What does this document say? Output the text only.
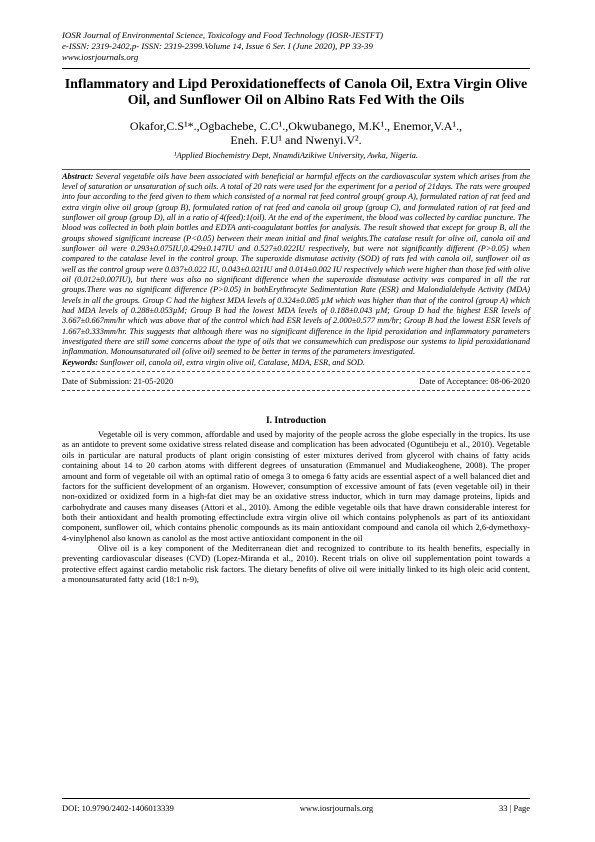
IOSR Journal of Environmental Science, Toxicology and Food Technology (IOSR-JESTFT)
e-ISSN: 2319-2402,p- ISSN: 2319-2399.Volume 14, Issue 6 Ser. I (June 2020), PP 33-39
www.iosrjournals.org
Inflammatory and Lipd Peroxidationeffects of Canola Oil, Extra Virgin Olive Oil, and Sunflower Oil on Albino Rats Fed With the Oils
Okafor,C.S¹*.,Ogbachebe, C.C¹.,Okwubanego, M.K¹., Enemor,V.A¹.,
Eneh. F.U¹ and Nwenyi.V².
¹Applied Biochemistry Dept, NnamdiAzikiwe University, Awka, Nigeria.
Abstract: Several vegetable oils have been associated with beneficial or harmful effects on the cardiovascular system which arises from the level of saturation or unsaturation of such oils. A total of 20 rats were used for the experiment for a period of 21days. The rats were grouped into four according to the feed given to them which consisted of a normal rat feed control group( group A), formulated ration of rat feed and extra virgin olive oil group (group B), formulated ration of rat feed and canola oil group (group C), and formulated ration of rat feed and sunflower oil group (group D), all in a ratio of 4(feed):1(oil). At the end of the experiment, the blood was collected by cardiac puncture. The blood was collected in both plain bottles and EDTA anti-coagulatant bottles for analysis. The result showed that except for group B, all the groups showed significant increase (P<0.05) between their mean initial and final weights.The catalase result for olive oil, canola oil and sunflower oil were 0.293±0.075IU,0.429±0.147IU and 0.527±0.022IU respectively, but were not significantly different (P>0.05) when compared to the catalase level in the control group. The superoxide dismutase activity (SOD) of rats fed with canola oil, sunflower oil as well as the control group were 0.037±0.022 IU, 0.043±0.021IU and 0.014±0.002 IU respectively which were higher than those fed with olive oil (0.012±0.007IU), but there was also no significant difference when the superoxide dismutase activity was compared in all the rat groups.There was no significant difference (P>0.05) in bothErythrocyte Sedimentation Rate (ESR) and Malondialdehyde Activity (MDA) levels in all the groups. Group C had the highest MDA levels of 0.324±0.085 µM which was higher than that of the control (group A) which had MDA levels of 0.288±0.053µM; Group B had the lowest MDA levels of 0.188±0.043 µM; Group D had the highest ESR levels of 3.667±0.667mm/hr which was above that of the control which had ESR levels of 2.000±0.577 mm/hr; Group B had the lowest ESR levels of 1.667±0.333mm/hr. This suggests that although there was no significant difference in the lipid peroxidation and inflammatory parameters investigated there are still some concerns about the type of oils that we consumewhich can predispose our systems to lipid peroxidationand inflammation. Monounsaturated oil (olive oil) seemed to be better in terms of the parameters investigated.
Keywords: Sunflower oil, canola oil, extra virgin olive oil, Catalase, MDA, ESR, and SOD.
Date of Submission: 21-05-2020	Date of Acceptance: 08-06-2020
I. Introduction

Vegetable oil is very common, affordable and used by majority of the people across the globe especially in the tropics. Its use as an antidote to prevent some oxidative stress related disease and complication has been advocated (Oguntibeju et al., 2010). Vegetable oils in particular are natural products of plant origin consisting of ester mixtures derived from glycerol with chains of fatty acids containing about 14 to 20 carbon atoms with different degrees of unsaturation (Emmanuel and Mudiakeoghene, 2008). The proper amount and form of vegetable oil with an optimal ratio of omega 3 to omega 6 fatty acids are essential aspect of a well balanced diet and factors for the sufficient development of an organism. However, consumption of excessive amount of fats (even vegetable oil) in their non-oxidized or oxidized form in a high-fat diet may be an oxidative stress inductor, which in turn may damage proteins, lipids and carbohydrate and causes many diseases (Attori et al., 2010). Among the edible vegetable oils that have drawn considerable interest for both their antioxidant and health promoting effectinclude extra virgin olive oil which contains polyphenols as part of its antioxidant component, sunflower oil, which contains phenolic compounds as its main antioxidant compound and canola oil which 2,6-dymethoxy-4-vinylphenol also known as canolol as the most active antioxidant component in the oil

Olive oil is a key component of the Mediterranean diet and recognized to contribute to its health benefits, especially in preventing cardiovascular diseases (CVD) (Lopez-Miranda et al., 2010). Recent trials on olive oil supplementation point towards a protective effect against cardio metabolic risk factors. The dietary benefits of olive oil were initially linked to its high oleic acid content, a monounsaturated fatty acid (18:1 n-9),

DOI: 10.9790/2402-1406013339	www.iosrjournals.org	33 | Page
